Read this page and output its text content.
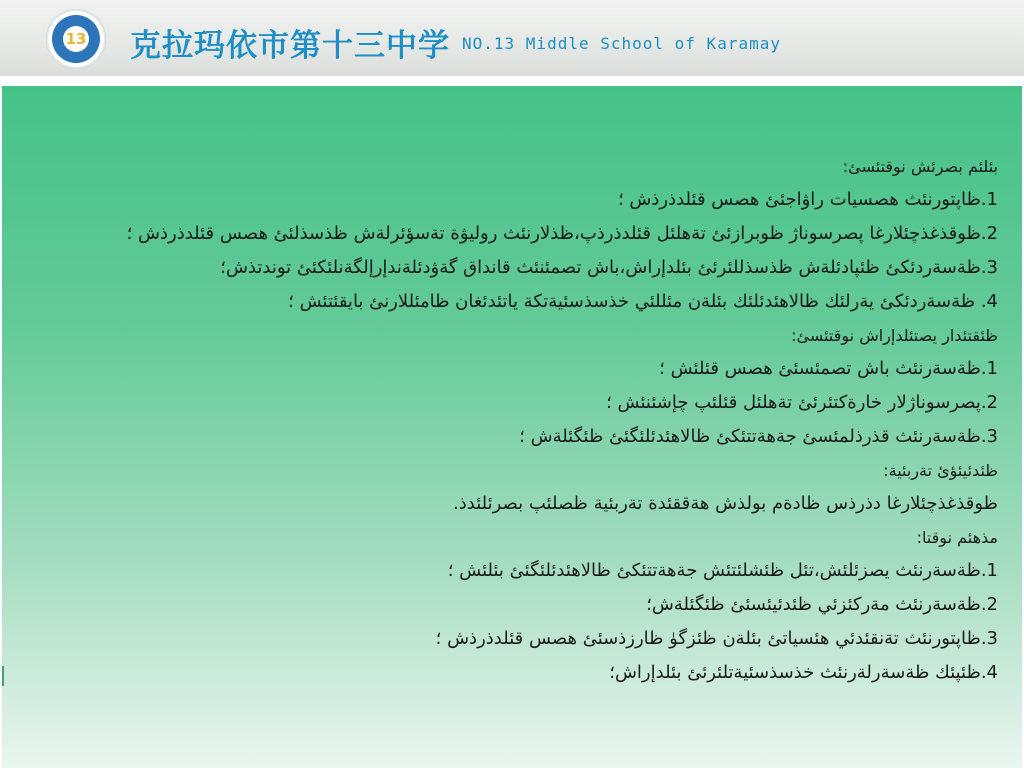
13 克拉玛依市第十三中学 NO.13 Middle School of Karamay
بئلئم بصرئش نوقتئسئ:
1.ظاپتورنئث هصسيات راۋاجئئ هصس قئلدذرذش ؛
2.ظوقذغذچئلارغا پصرسوناژ ظوبرازئئ تةهلئل قئلدذرذپ،ظذلارنئث روليۋة تةسؤئرلةش ظذسذلئئ هصس قئلدذرذش ؛
3.ظةسةردئكئ ظئپادئلةش ظذسذللئرئئ بئلدإراش،باش تصمئنئث قانداق گةۋدئلةندإرإلگةنلئكئئ توندتذش؛
4. ظةسةردئكئ يةرلئك ظالاهئدئلئك بئلةن مئللئي خذسذسئيةتكة ياتئدئغان ظامئللارنئ بايقئتئش ؛
ظئقتئدار يصتئلدإراش نوقتئسئ:
1.ظةسةرنئث باش تصمئسئئ هصس قئلئش ؛
2.پصرسوناژلار خارةكتئرئئ تةهلئل قئلئپ چإشئنئش ؛
3.ظةسةرنئث قذرذلمئسئ جةهةتتئكئ ظالاهئدئلئگئئ ظئگئلةش ؛
ظئدئيئؤئ تةربئية:
ظوقذغذچئلارغا دذرذس ظادةم بولذش هةققئدة تةربئية ظصلئپ بصرئلئدذ.
مذهئم نوقتا:
1.ظةسةرنئث يصزئلئش،تئل ظئشلئتئش جةهةتتئكئ ظالاهئدئلئگئئ بئلئش ؛
2.ظةسةرنئث مةركئزئي ظئدئيئسئئ ظئگئلةش؛
3.ظاپتورنئث تةنقئدئي هئسياتئ بئلةن ظئزگۈ ظارزذسئئ هصس قئلدذرذش ؛
4.ظئپئك ظةسةرلةرنئث خذسذسئيةتلئرئئ بئلدإراش؛
